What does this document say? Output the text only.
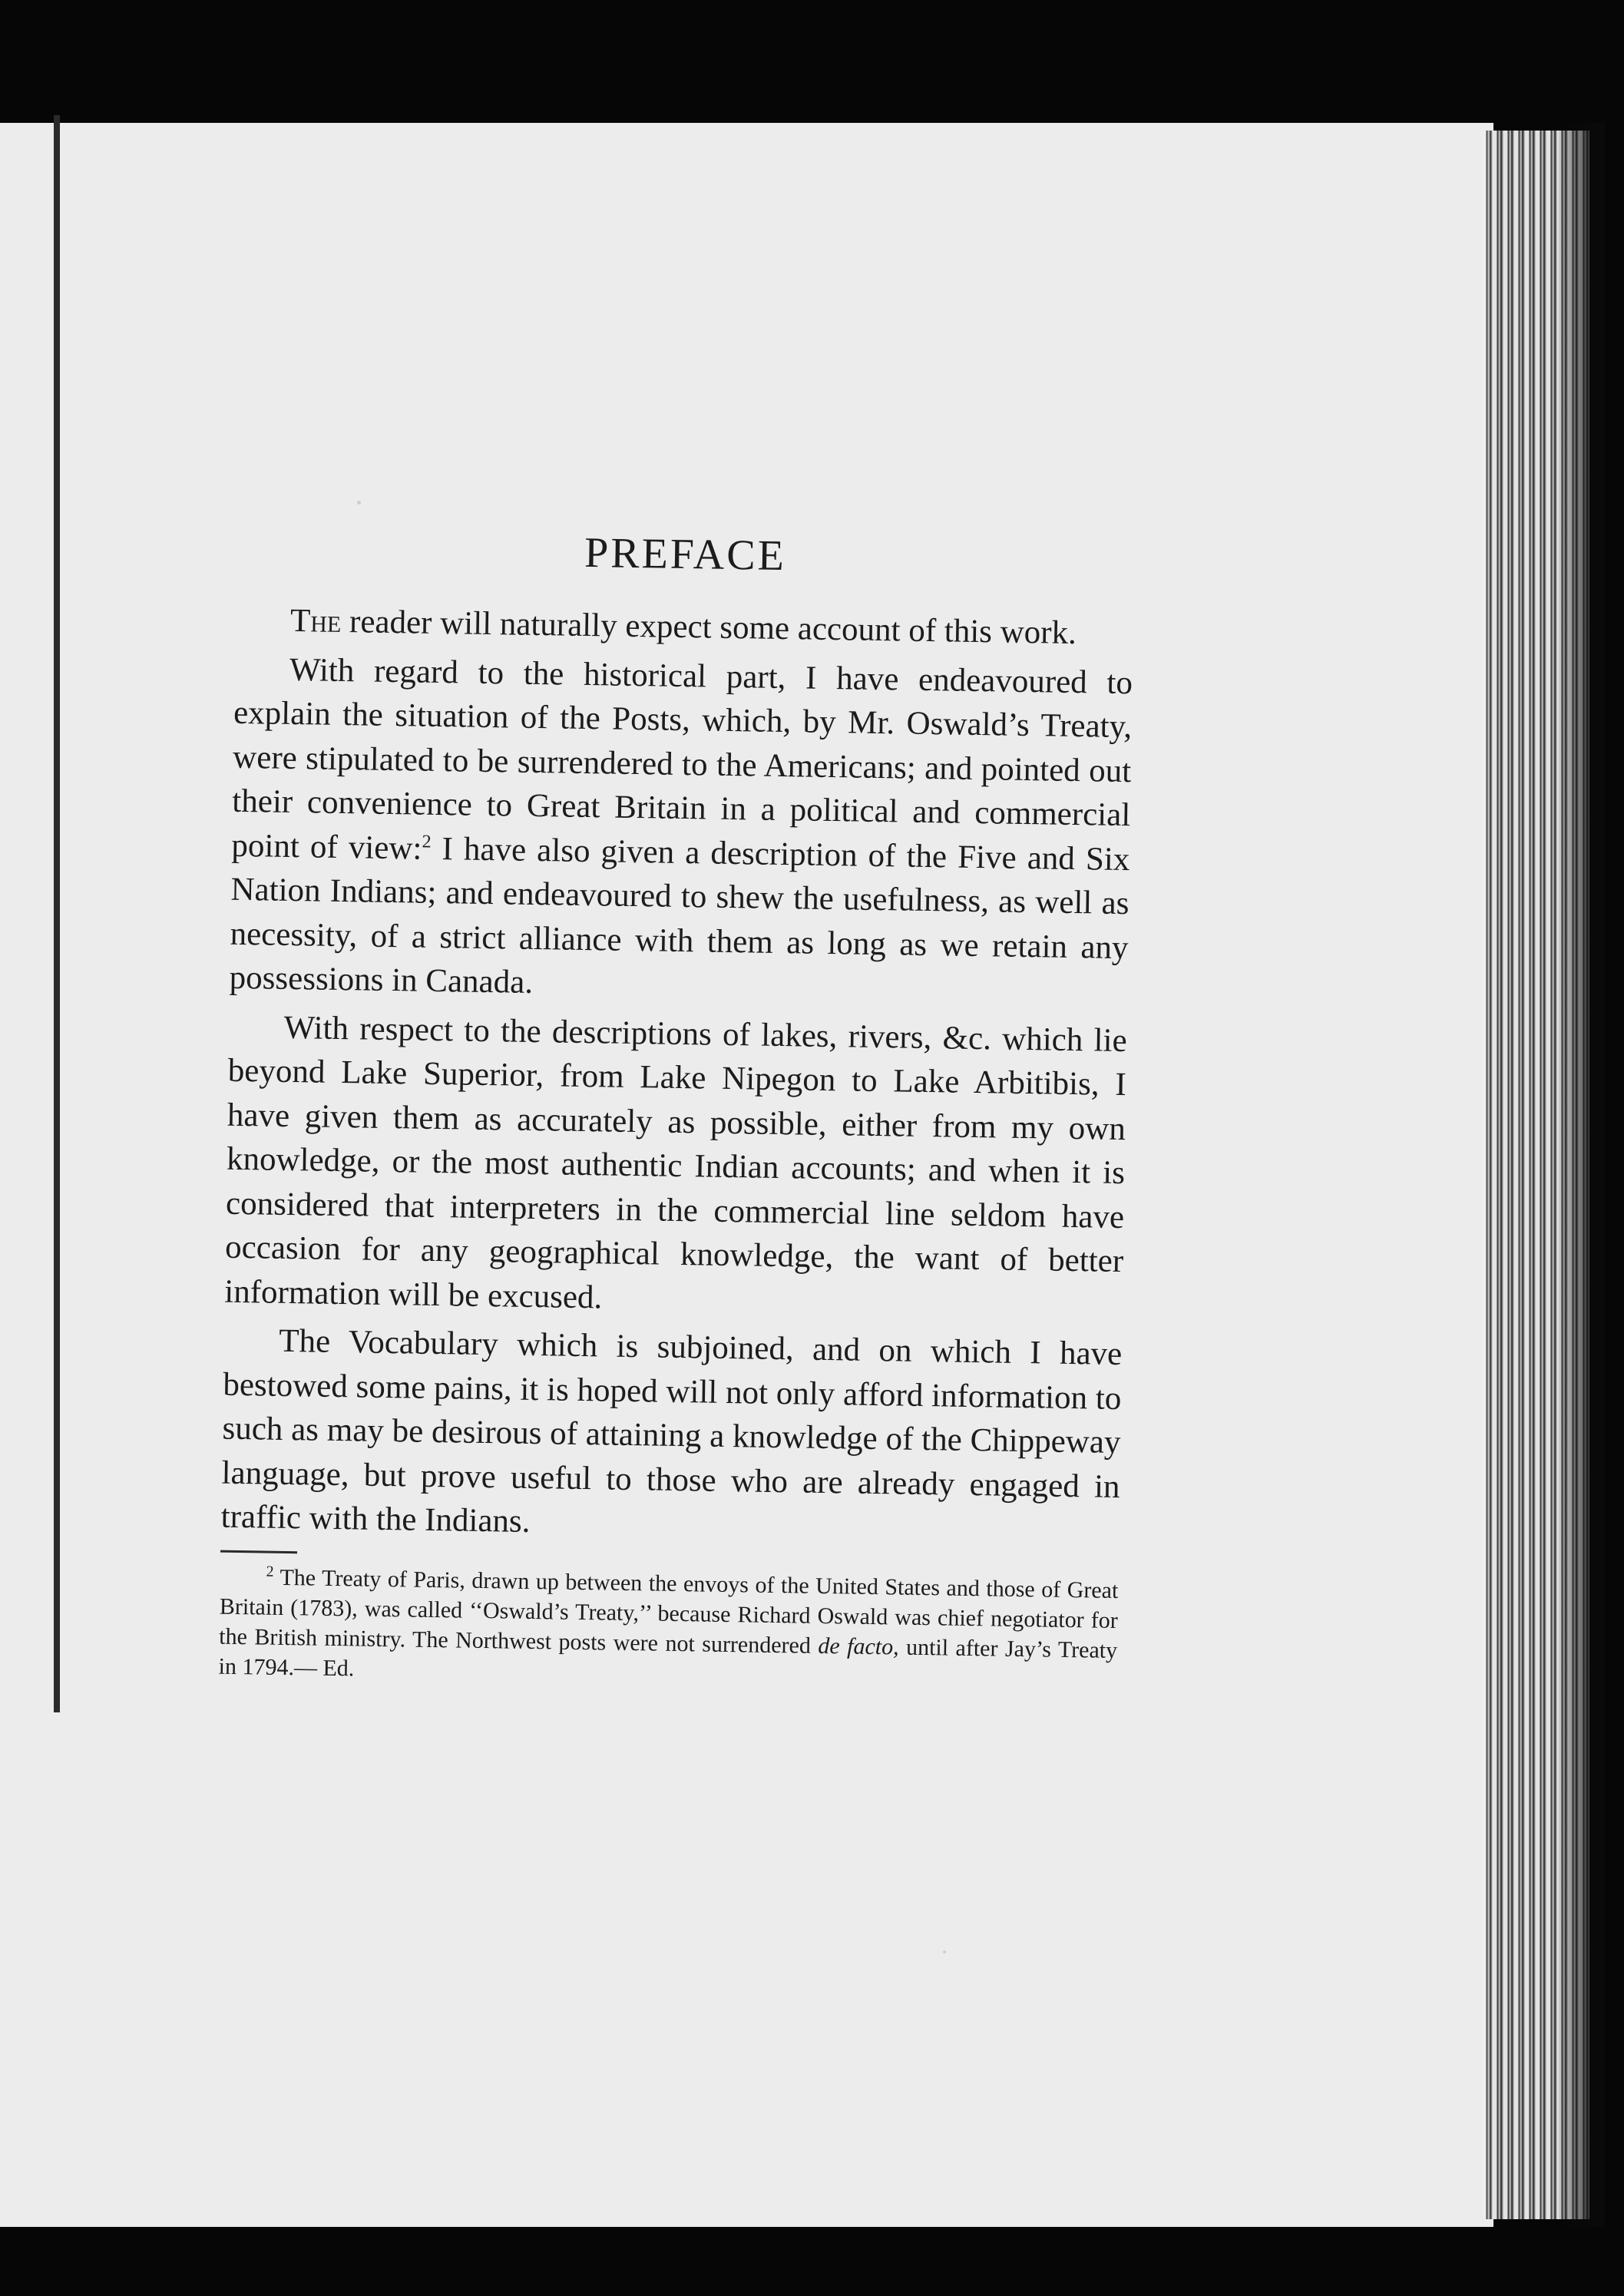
PREFACE

The reader will naturally expect some account of this work.

With regard to the historical part, I have endeavoured to explain the situation of the Posts, which, by Mr. Oswald’s Treaty, were stipulated to be surrendered to the Americans; and pointed out their convenience to Great Britain in a political and commercial point of view:$^2$ I have also given a description of the Five and Six Nation Indians; and endeavoured to shew the usefulness, as well as necessity, of a strict alliance with them as long as we retain any possessions in Canada.

With respect to the descriptions of lakes, rivers, &c. which lie beyond Lake Superior, from Lake Nipegon to Lake Arbitibis, I have given them as accurately as possible, either from my own knowledge, or the most authentic Indian accounts; and when it is considered that interpreters in the commercial line seldom have occasion for any geographical knowledge, the want of better information will be excused.

The Vocabulary which is subjoined, and on which I have bestowed some pains, it is hoped will not only afford information to such as may be desirous of attaining a knowledge of the Chippeway language, but prove useful to those who are already engaged in traffic with the Indians.

$^2$ The Treaty of Paris, drawn up between the envoys of the United States and those of Great Britain (1783), was called ‘‘Oswald’s Treaty,’’ because Richard Oswald was chief negotiator for the British ministry. The Northwest posts were not surrendered de facto, until after Jay’s Treaty in 1794.— Ed.
